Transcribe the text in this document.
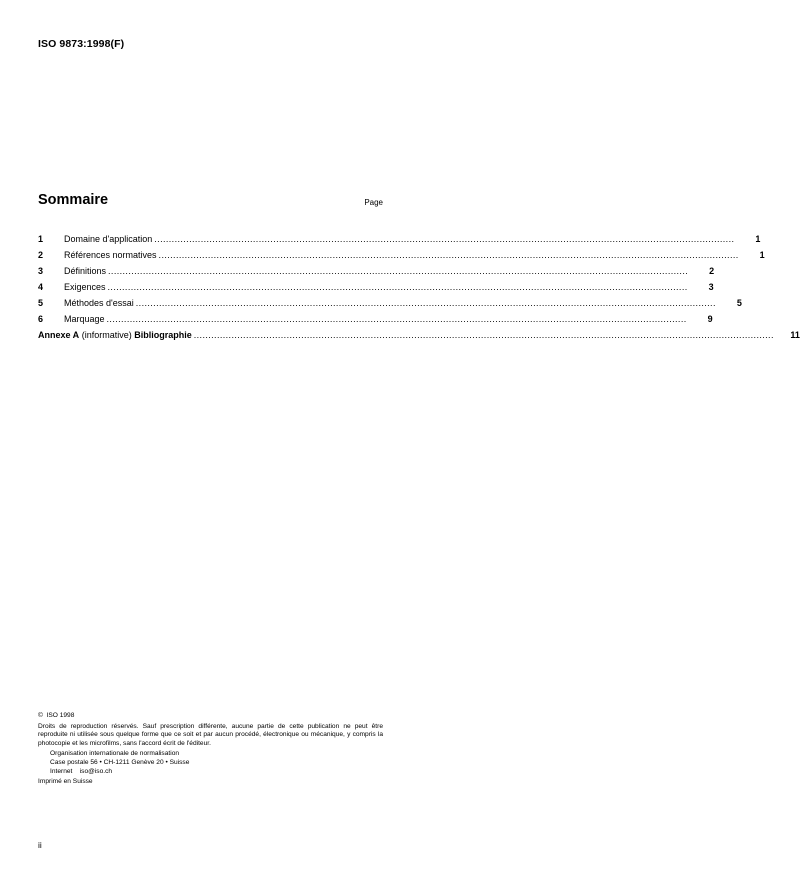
ISO 9873:1998(F)
Sommaire	Page
1	Domaine d'application ........................................................................................................................................................................................................	1
2	Références normatives ........................................................................................................................................................................................................	1
3	Définitions ........................................................................................................................................................................................................	2
4	Exigences ........................................................................................................................................................................................................	3
5	Méthodes d'essai ........................................................................................................................................................................................................	5
6	Marquage ........................................................................................................................................................................................................	9
Annexe A (informative) Bibliographie ........................................................................................................................................................................................................	11
© ISO 1998
Droits de reproduction réservés. Sauf prescription différente, aucune partie de cette publication ne peut être reproduite ni utilisée sous quelque forme que ce soit et par aucun procédé, électronique ou mécanique, y compris la photocopie et les microfilms, sans l'accord écrit de l'éditeur.
Organisation internationale de normalisation
Case postale 56 • CH-1211 Genève 20 • Suisse
Internet iso@iso.ch
Imprimé en Suisse
ii
